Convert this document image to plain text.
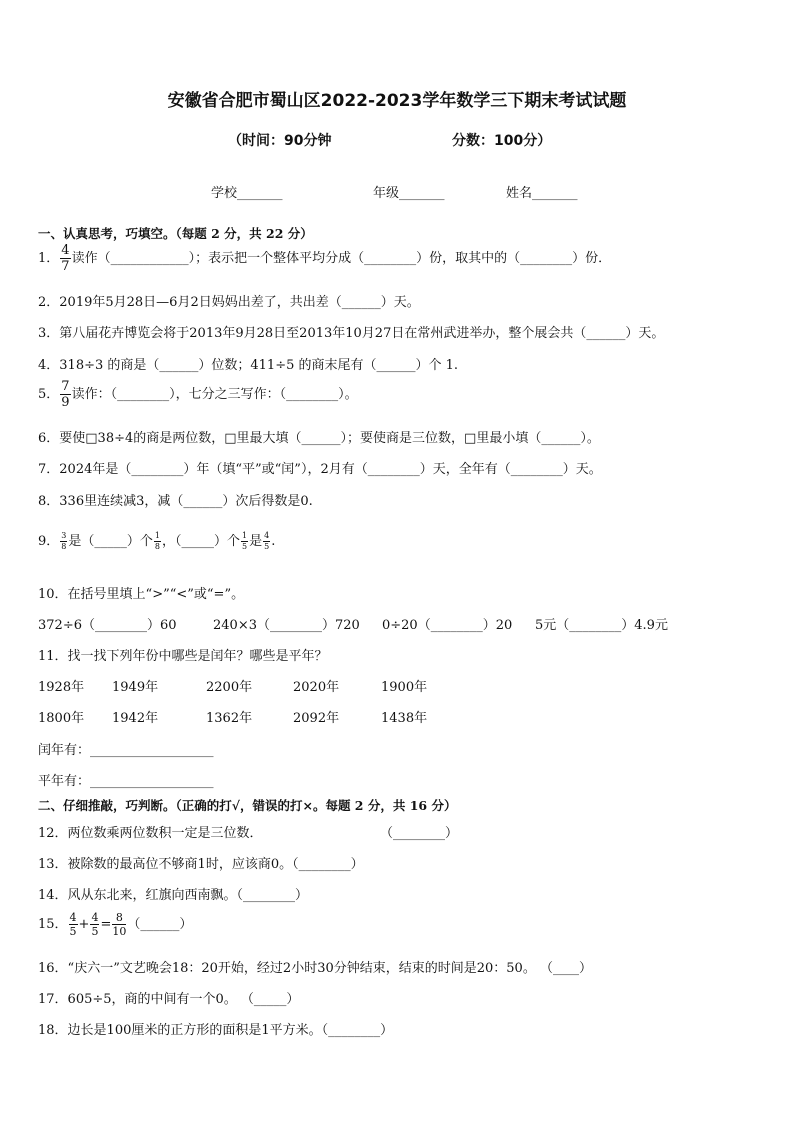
安徽省合肥市蜀山区2022-2023学年数学三下期末考试试题
（时间：90分钟	分数：100分）
学校_______	年级_______	姓名_______
一、认真思考，巧填空。（每题 2 分，共 22 分）
1． $\frac{4}{7}$ 读作（____________）；表示把一个整体平均分成（________）份，取其中的（________）份．
2．2019年5月28日—6月2日妈妈出差了，共出差（______）天。
3．第八届花卉博览会将于2013年9月28日至2013年10月27日在常州武进举办，整个展会共（______）天。
4．318÷3 的商是（______）位数；411÷5 的商末尾有（______）个 1.
5． $\frac{7}{9}$ 读作：（________），七分之三写作：（________）。
6．要使□38÷4的商是两位数，□里最大填（______）；要使商是三位数，□里最小填（______）。
7．2024年是（________）年（填“平”或“闰”），2月有（________）天，全年有（________）天。
8．336里连续减3，减（______）次后得数是0.
9． $\frac{3}{8}$ 是（_____）个 $\frac{1}{8}$ ，（_____）个 $\frac{1}{5}$ 是 $\frac{4}{5}$ .
10．在括号里填上“>”“<”或“=”。
372÷6（________）60	240×3（________）720 0÷20（________）20 5元（________）4.9元
11．找一找下列年份中哪些是闰年？哪些是平年？
1928年 1949年	2200年	2020年	1900年
1800年 1942年	1362年	2092年	1438年
闰年有：___________________
平年有：___________________
二、仔细推敲，巧判断。（正确的打√，错误的打×。每题 2 分，共 16 分）
12．两位数乘两位数积一定是三位数．	（________）
13．被除数的最高位不够商1时，应该商0。（________）
14．风从东北来，红旗向西南飘。（________）
15． $\frac{4}{5} + \frac{4}{5} = \frac{8}{10}$ （______）
16．“庆六一”文艺晚会18：20开始，经过2小时30分钟结束，结束的时间是20：50。 （____）
17．605÷5，商的中间有一个0。 （_____）
18．边长是100厘米的正方形的面积是1平方米。（________）
